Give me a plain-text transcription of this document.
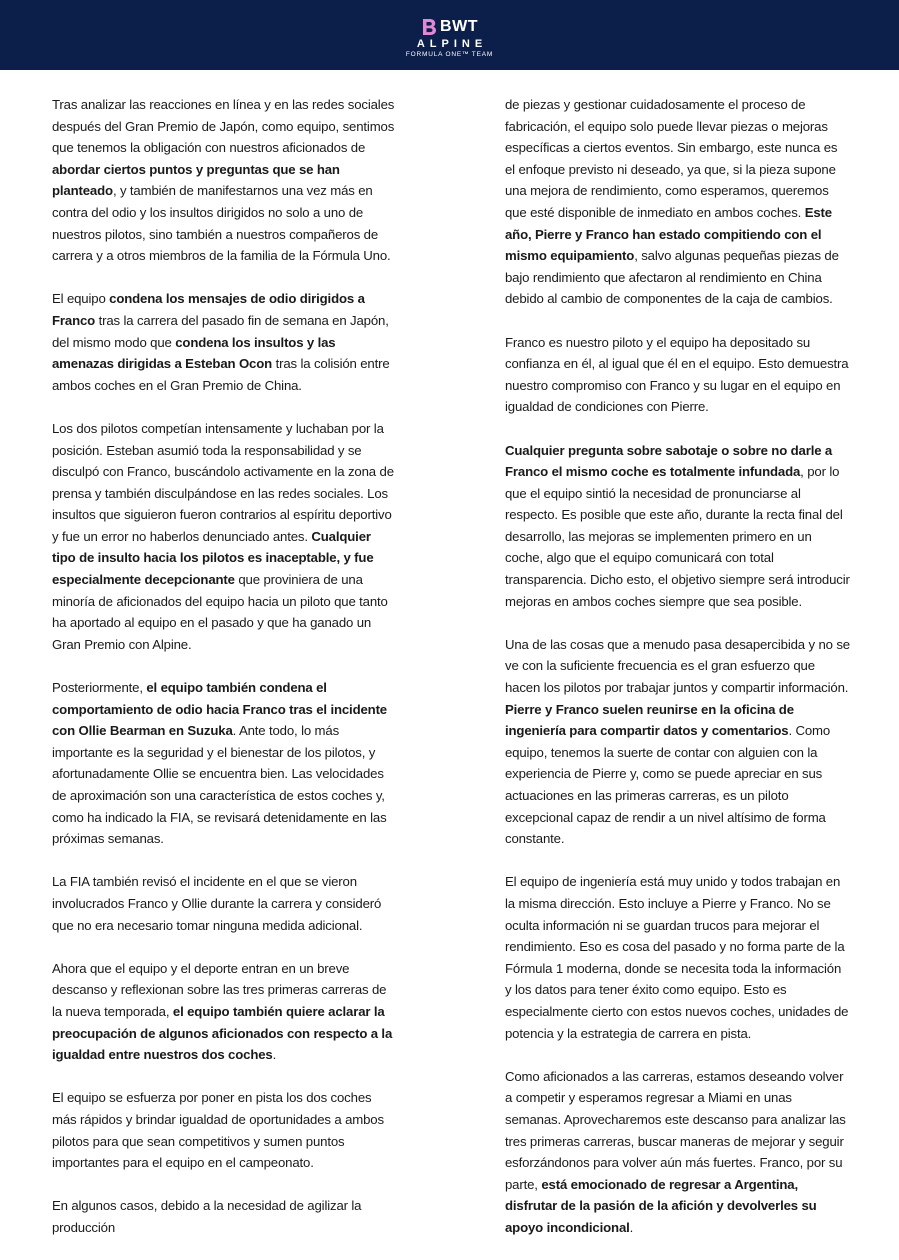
BWT
ALPINE
FORMULA ONE™ TEAM

Tras analizar las reacciones en línea y en las redes sociales después del Gran Premio de Japón, como equipo, sentimos que tenemos la obligación con nuestros aficionados de abordar ciertos puntos y preguntas que se han planteado, y también de manifestarnos una vez más en contra del odio y los insultos dirigidos no solo a uno de nuestros pilotos, sino también a nuestros compañeros de carrera y a otros miembros de la familia de la Fórmula Uno.

El equipo condena los mensajes de odio dirigidos a Franco tras la carrera del pasado fin de semana en Japón, del mismo modo que condena los insultos y las amenazas dirigidas a Esteban Ocon tras la colisión entre ambos coches en el Gran Premio de China.

Los dos pilotos competían intensamente y luchaban por la posición. Esteban asumió toda la responsabilidad y se disculpó con Franco, buscándolo activamente en la zona de prensa y también disculpándose en las redes sociales. Los insultos que siguieron fueron contrarios al espíritu deportivo y fue un error no haberlos denunciado antes. Cualquier tipo de insulto hacia los pilotos es inaceptable, y fue especialmente decepcionante que proviniera de una minoría de aficionados del equipo hacia un piloto que tanto ha aportado al equipo en el pasado y que ha ganado un Gran Premio con Alpine.

Posteriormente, el equipo también condena el comportamiento de odio hacia Franco tras el incidente con Ollie Bearman en Suzuka. Ante todo, lo más importante es la seguridad y el bienestar de los pilotos, y afortunadamente Ollie se encuentra bien. Las velocidades de aproximación son una característica de estos coches y, como ha indicado la FIA, se revisará detenidamente en las próximas semanas.

La FIA también revisó el incidente en el que se vieron involucrados Franco y Ollie durante la carrera y consideró que no era necesario tomar ninguna medida adicional.

Ahora que el equipo y el deporte entran en un breve descanso y reflexionan sobre las tres primeras carreras de la nueva temporada, el equipo también quiere aclarar la preocupación de algunos aficionados con respecto a la igualdad entre nuestros dos coches.

El equipo se esfuerza por poner en pista los dos coches más rápidos y brindar igualdad de oportunidades a ambos pilotos para que sean competitivos y sumen puntos importantes para el equipo en el campeonato.

En algunos casos, debido a la necesidad de agilizar la producción

de piezas y gestionar cuidadosamente el proceso de fabricación, el equipo solo puede llevar piezas o mejoras específicas a ciertos eventos. Sin embargo, este nunca es el enfoque previsto ni deseado, ya que, si la pieza supone una mejora de rendimiento, como esperamos, queremos que esté disponible de inmediato en ambos coches. Este año, Pierre y Franco han estado compitiendo con el mismo equipamiento, salvo algunas pequeñas piezas de bajo rendimiento que afectaron al rendimiento en China debido al cambio de componentes de la caja de cambios.

Franco es nuestro piloto y el equipo ha depositado su confianza en él, al igual que él en el equipo. Esto demuestra nuestro compromiso con Franco y su lugar en el equipo en igualdad de condiciones con Pierre.

Cualquier pregunta sobre sabotaje o sobre no darle a Franco el mismo coche es totalmente infundada, por lo que el equipo sintió la necesidad de pronunciarse al respecto. Es posible que este año, durante la recta final del desarrollo, las mejoras se implementen primero en un coche, algo que el equipo comunicará con total transparencia. Dicho esto, el objetivo siempre será introducir mejoras en ambos coches siempre que sea posible.

Una de las cosas que a menudo pasa desapercibida y no se ve con la suficiente frecuencia es el gran esfuerzo que hacen los pilotos por trabajar juntos y compartir información. Pierre y Franco suelen reunirse en la oficina de ingeniería para compartir datos y comentarios. Como equipo, tenemos la suerte de contar con alguien con la experiencia de Pierre y, como se puede apreciar en sus actuaciones en las primeras carreras, es un piloto excepcional capaz de rendir a un nivel altísimo de forma constante.

El equipo de ingeniería está muy unido y todos trabajan en la misma dirección. Esto incluye a Pierre y Franco. No se oculta información ni se guardan trucos para mejorar el rendimiento. Eso es cosa del pasado y no forma parte de la Fórmula 1 moderna, donde se necesita toda la información y los datos para tener éxito como equipo. Esto es especialmente cierto con estos nuevos coches, unidades de potencia y la estrategia de carrera en pista.

Como aficionados a las carreras, estamos deseando volver a competir y esperamos regresar a Miami en unas semanas. Aprovecharemos este descanso para analizar las tres primeras carreras, buscar maneras de mejorar y seguir esforzándonos para volver aún más fuertes. Franco, por su parte, está emocionado de regresar a Argentina, disfrutar de la pasión de la afición y devolverles su apoyo incondicional.
